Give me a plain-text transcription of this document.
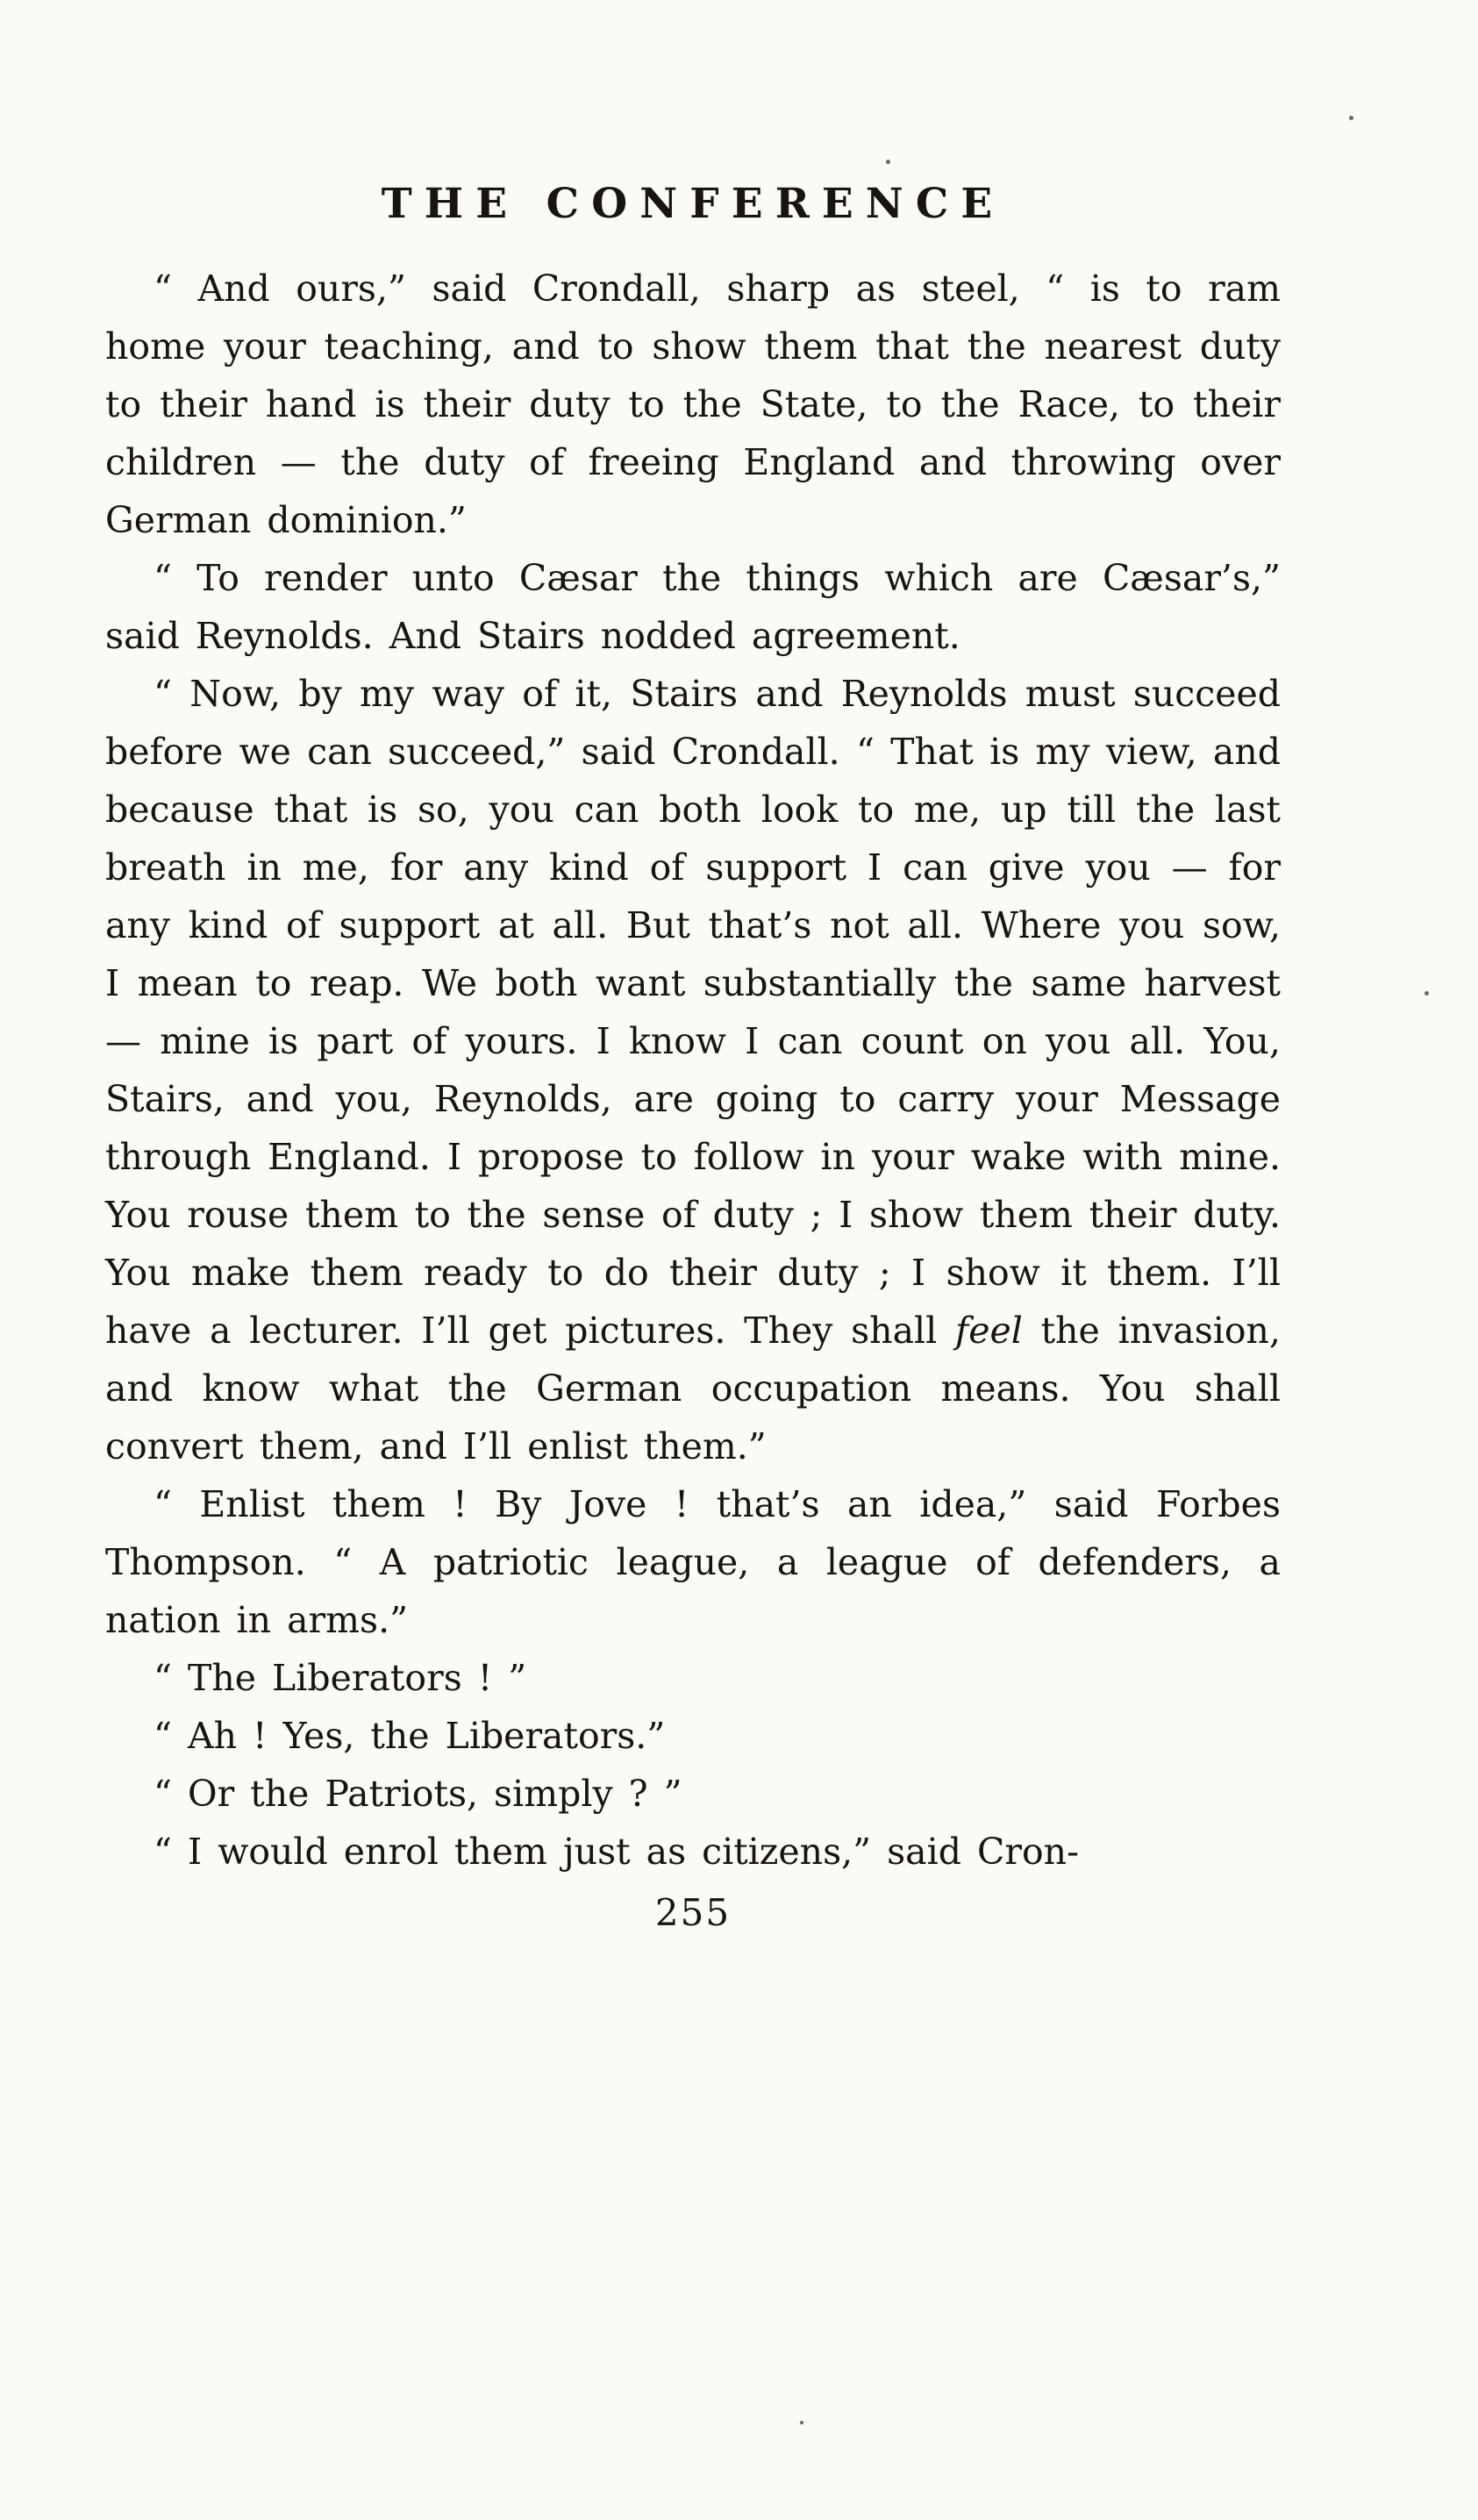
THE CONFERENCE

“ And ours,” said Crondall, sharp as steel, “ is to ram home your teaching, and to show them that the nearest duty to their hand is their duty to the State, to the Race, to their children — the duty of freeing England and throwing over German dominion.”

“ To render unto Cæsar the things which are Cæsar’s,” said Reynolds. And Stairs nodded agreement.

“ Now, by my way of it, Stairs and Reynolds must succeed before we can succeed,” said Crondall. “ That is my view, and because that is so, you can both look to me, up till the last breath in me, for any kind of support I can give you — for any kind of support at all. But that’s not all. Where you sow, I mean to reap. We both want substantially the same harvest — mine is part of yours. I know I can count on you all. You, Stairs, and you, Reynolds, are going to carry your Message through England. I propose to follow in your wake with mine. You rouse them to the sense of duty ; I show them their duty. You make them ready to do their duty ; I show it them. I’ll have a lecturer. I’ll get pictures. They shall feel the invasion, and know what the German occupation means. You shall convert them, and I’ll enlist them.”

“ Enlist them ! By Jove ! that’s an idea,” said Forbes Thompson. “ A patriotic league, a league of defenders, a nation in arms.”

“ The Liberators ! ”

“ Ah ! Yes, the Liberators.”

“ Or the Patriots, simply ? ”

“ I would enrol them just as citizens,” said Cron-

255
